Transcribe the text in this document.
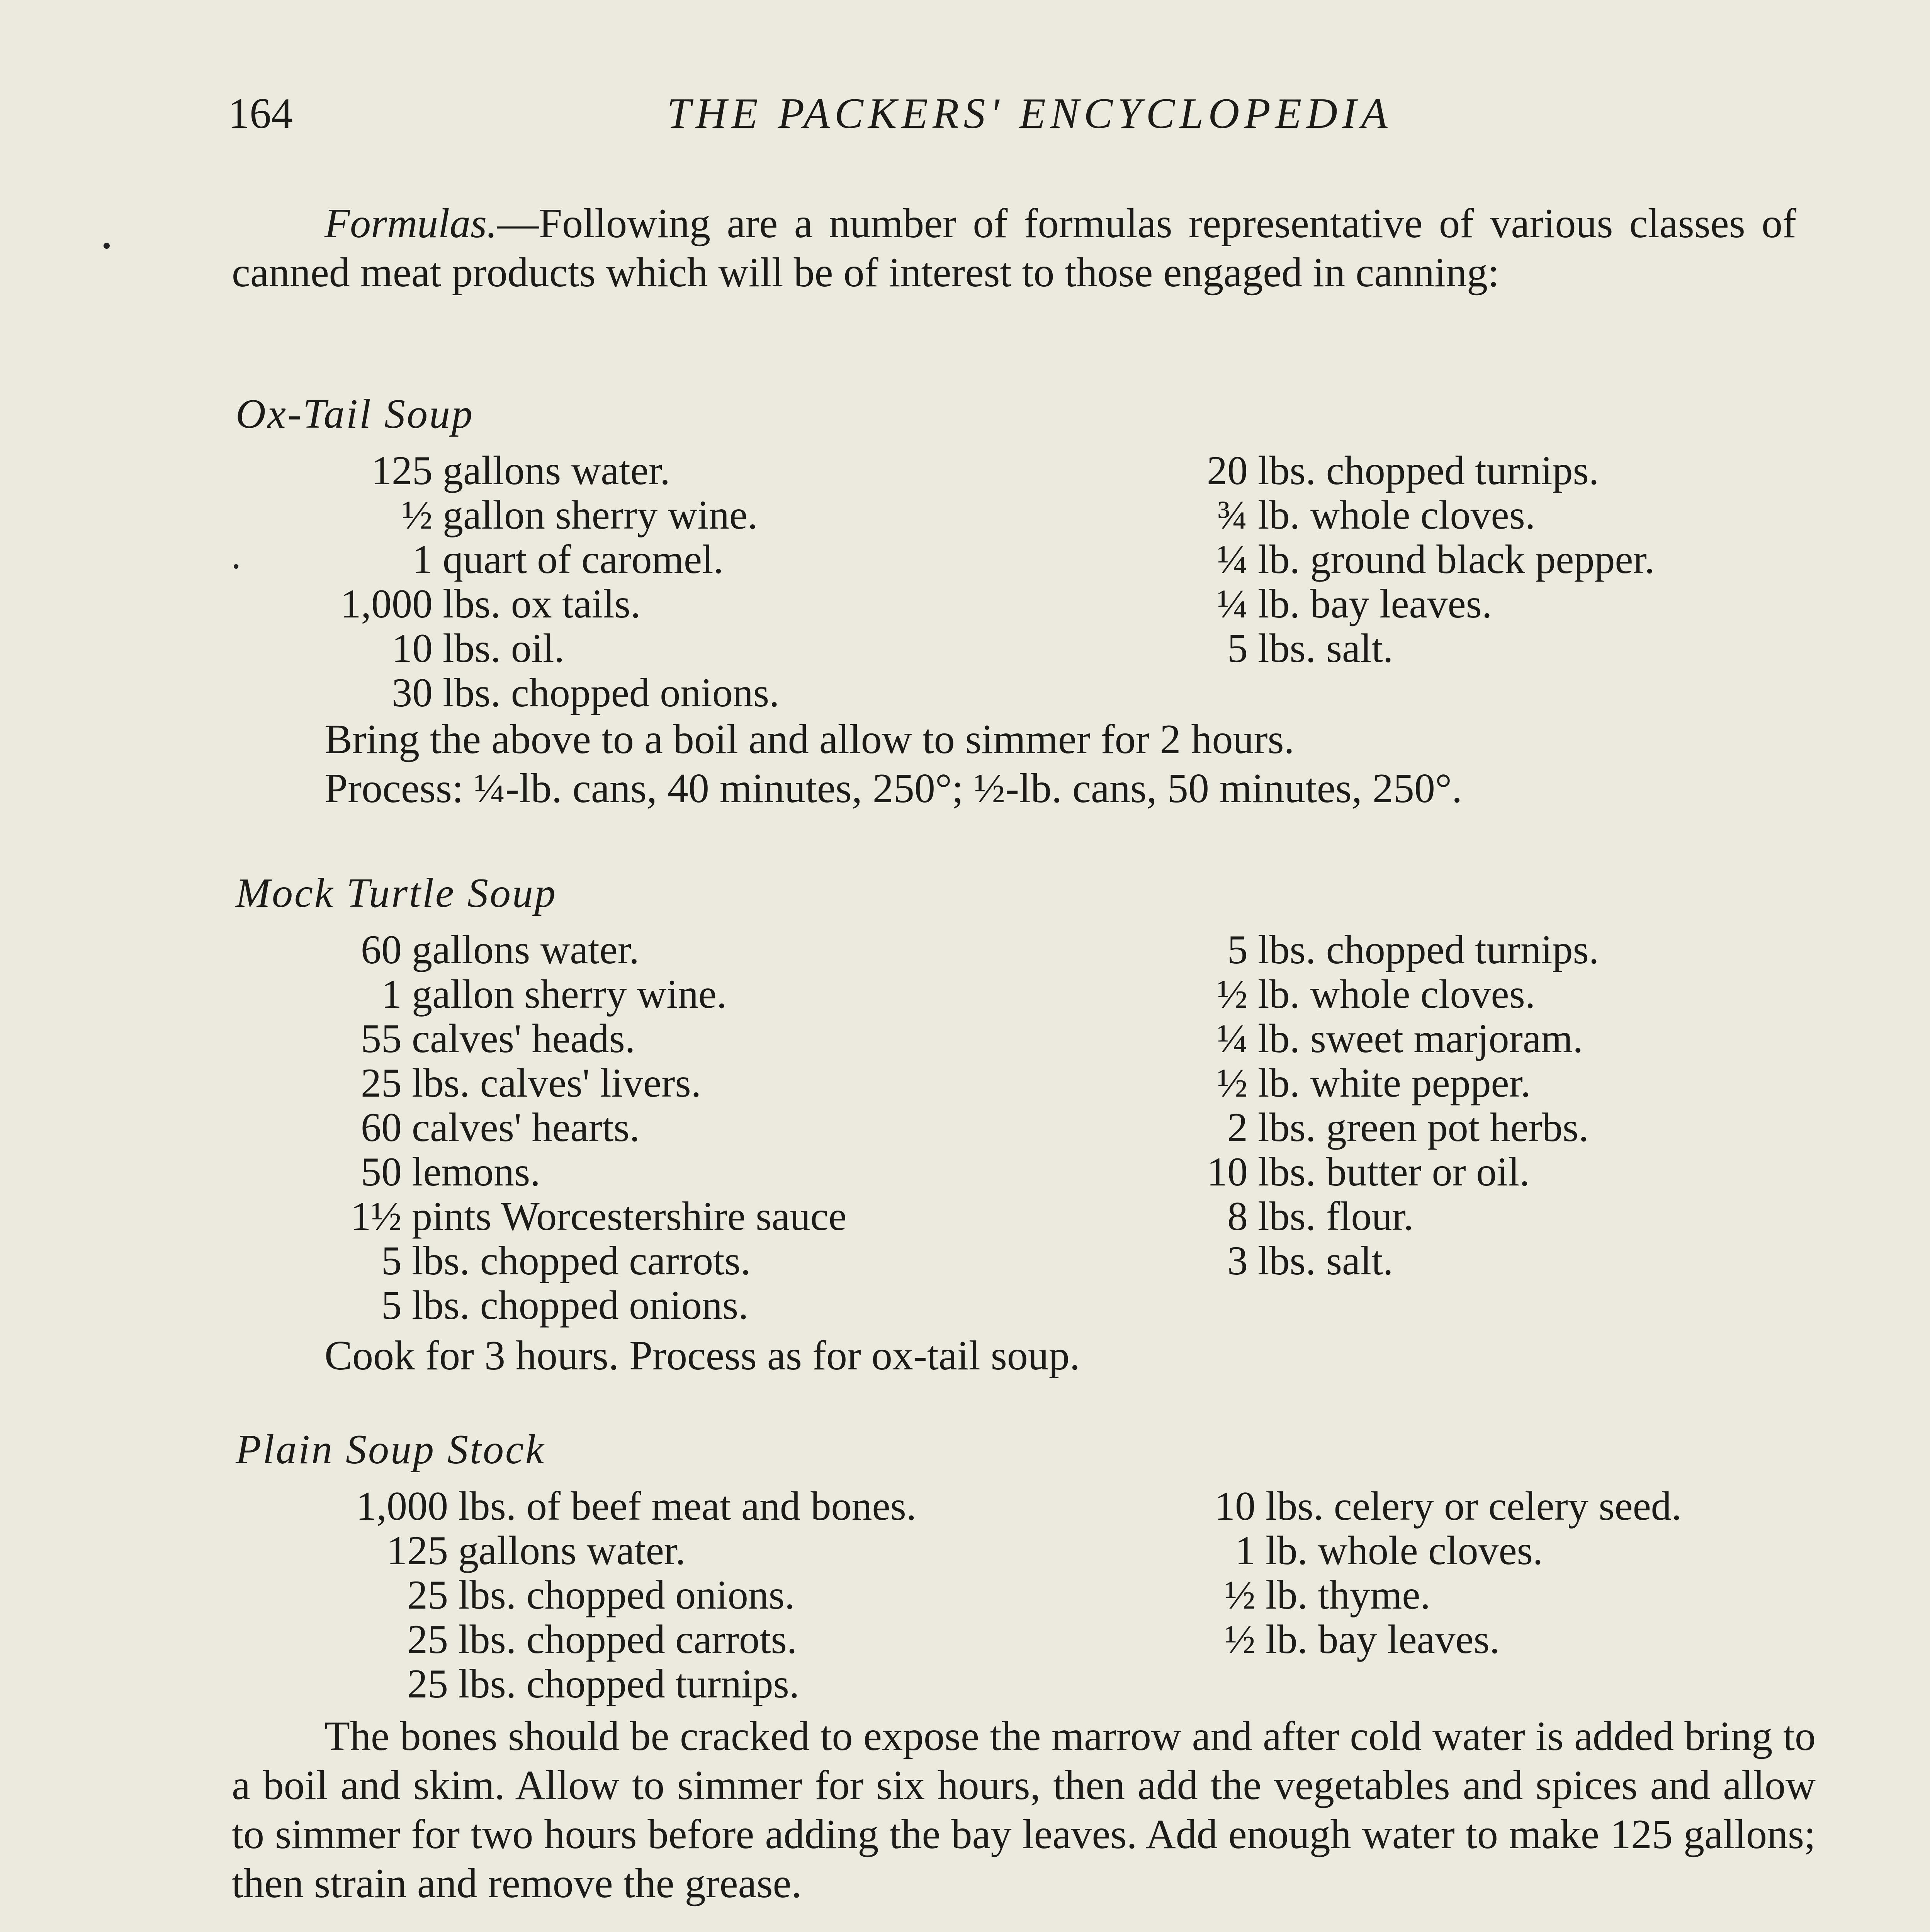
164	THE PACKERS' ENCYCLOPEDIA

Formulas.—Following are a number of formulas representative of various classes of canned meat products which will be of interest to those engaged in canning:

Ox-Tail Soup
125 gallons water.
½ gallon sherry wine.
1 quart of caromel.
1,000 lbs. ox tails.
10 lbs. oil.
30 lbs. chopped onions.
20 lbs. chopped turnips.
¾ lb. whole cloves.
¼ lb. ground black pepper.
¼ lb. bay leaves.
5 lbs. salt.

Bring the above to a boil and allow to simmer for 2 hours.

Process: ¼-lb. cans, 40 minutes, 250°; ½-lb. cans, 50 minutes, 250°.

Mock Turtle Soup
60 gallons water.
1 gallon sherry wine.
55 calves' heads.
25 lbs. calves' livers.
60 calves' hearts.
50 lemons.
1½ pints Worcestershire sauce
5 lbs. chopped carrots.
5 lbs. chopped onions.
5 lbs. chopped turnips.
½ lb. whole cloves.
¼ lb. sweet marjoram.
½ lb. white pepper.
2 lbs. green pot herbs.
10 lbs. butter or oil.
8 lbs. flour.
3 lbs. salt.

Cook for 3 hours. Process as for ox-tail soup.

Plain Soup Stock
1,000 lbs. of beef meat and bones.
125 gallons water.
25 lbs. chopped onions.
25 lbs. chopped carrots.
25 lbs. chopped turnips.
10 lbs. celery or celery seed.
1 lb. whole cloves.
½ lb. thyme.
½ lb. bay leaves.

The bones should be cracked to expose the marrow and after cold water is added bring to a boil and skim. Allow to simmer for six hours, then add the vegetables and spices and allow to simmer for two hours before adding the bay leaves. Add enough water to make 125 gallons; then strain and remove the grease.
